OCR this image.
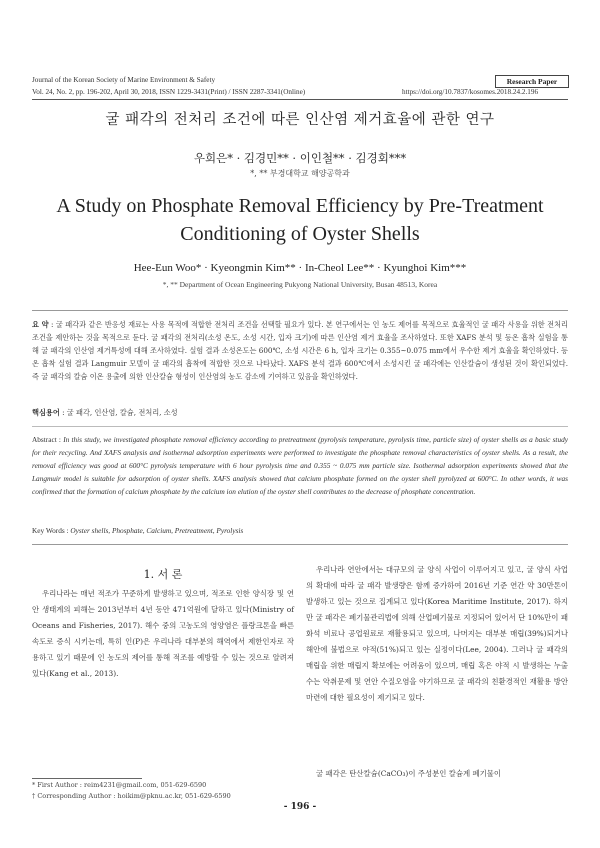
Journal of the Korean Society of Marine Environment & Safety	Research Paper
Vol. 24, No. 2, pp. 196-202, April 30, 2018, ISSN 1229-3431(Print) / ISSN 2287-3341(Online)	https://doi.org/10.7837/kosomes.2018.24.2.196
굴 패각의 전처리 조건에 따른 인산염 제거효율에 관한 연구
우희은* · 김경민** · 이인철** · 김경회***
*, ** 부경대학교 해양공학과
A Study on Phosphate Removal Efficiency by Pre-Treatment Conditioning of Oyster Shells
Hee-Eun Woo* · Kyeongmin Kim** · In-Cheol Lee** · Kyunghoi Kim***
*, ** Department of Ocean Engineering Pukyong National University, Busan 48513, Korea
요 약 : 굴 패각과 같은 반응성 재료는 사용 목적에 적합한 전처리 조건을 선택할 필요가 있다. 본 연구에서는 인 농도 제어를 목적으로 효율적인 굴 패각 사용을 위한 전처리 조건을 제안하는 것을 목적으로 둔다. 굴 패각의 전처리(소성 온도, 소성 시간, 입자 크기)에 따른 인산염 제거 효율을 조사하였다. 또한 XAFS 분석 및 등온 흡착 실험을 통해 굴 패각의 인산염 제거특성에 대해 조사하였다. 실험 결과 소성온도는 600℃, 소성 시간은 6 h, 입자 크기는 0.355~0.075 mm에서 우수한 제거 효율을 확인하였다. 등온 흡착 실험 결과 Langmuir 모델이 굴 패각의 흡착에 적합한 것으로 나타났다. XAFS 분석 결과 600℃에서 소성시킨 굴 패각에는 인산칼슘이 생성된 것이 확인되었다. 즉 굴 패각의 칼슘 이온 용출에 의한 인산칼슘 형성이 인산염의 농도 감소에 기여하고 있음을 확인하였다.
핵심용어 : 굴 패각, 인산염, 칼슘, 전처리, 소성
Abstract : In this study, we investigated phosphate removal efficiency according to pretreatment (pyrolysis temperature, pyrolysis time, particle size) of oyster shells as a basic study for their recycling. And XAFS analysis and isothermal adsorption experiments were performed to investigate the phosphate removal characteristics of oyster shells. As a result, the removal efficiency was good at 600°C pyrolysis temperature with 6 hour pyrolysis time and 0.355 ~ 0.075 mm particle size. Isothermal adsorption experiments showed that the Langmuir model is suitable for adsorption of oyster shells. XAFS analysis showed that calcium phosphate formed on the oyster shell pyrolyzed at 600°C. In other words, it was confirmed that the formation of calcium phosphate by the calcium ion elution of the oyster shell contributes to the decrease of phosphate concentration.
Key Words : Oyster shells, Phosphate, Calcium, Pretreatment, Pyrolysis
1. 서 론
우리나라는 매년 적조가 꾸준하게 발생하고 있으며, 적조로 인한 양식장 및 연안 생태계의 피해는 2013년부터 4년 동안 471억원에 달하고 있다(Ministry of Oceans and Fisheries, 2017). 해수 중의 고농도의 영양염은 플랑크톤을 빠른 속도로 증식 시키는데, 특히 인(P)은 우리나라 대부분의 해역에서 제한인자로 작용하고 있기 때문에 인 농도의 제어를 통해 적조를 예방할 수 있는 것으로 알려져 있다(Kang et al., 2013).
* First Author : reim4231@gmail.com, 051-629-6590
† Corresponding Author : hoikim@pknu.ac.kr, 051-629-6590
우리나라 연안에서는 대규모의 굴 양식 사업이 이루어지고 있고, 굴 양식 사업의 확대에 따라 굴 패각 발생량은 함께 증가하여 2016년 기준 연간 약 30만톤이 발생하고 있는 것으로 집계되고 있다(Korea Maritime Institute, 2017). 하지만 굴 패각은 폐기물관리법에 의해 산업폐기물로 지정되어 있어서 단 10%만이 패화석 비료나 공업원료로 재활용되고 있으며, 나머지는 대부분 매립(39%)되거나 해안에 불법으로 야적(51%)되고 있는 실정이다(Lee, 2004). 그러나 굴 패각의 매립을 위한 매립지 확보에는 어려움이 있으며, 매립 혹은 야적 시 발생하는 누출수는 악취문제 및 연안 수질오염을 야기하므로 굴 패각의 친환경적인 재활용 방안 마련에 대한 필요성이 제기되고 있다.
굴 패각은 탄산칼슘(CaCO₃)이 주성분인 칼슘계 폐기물이
- 196 -
